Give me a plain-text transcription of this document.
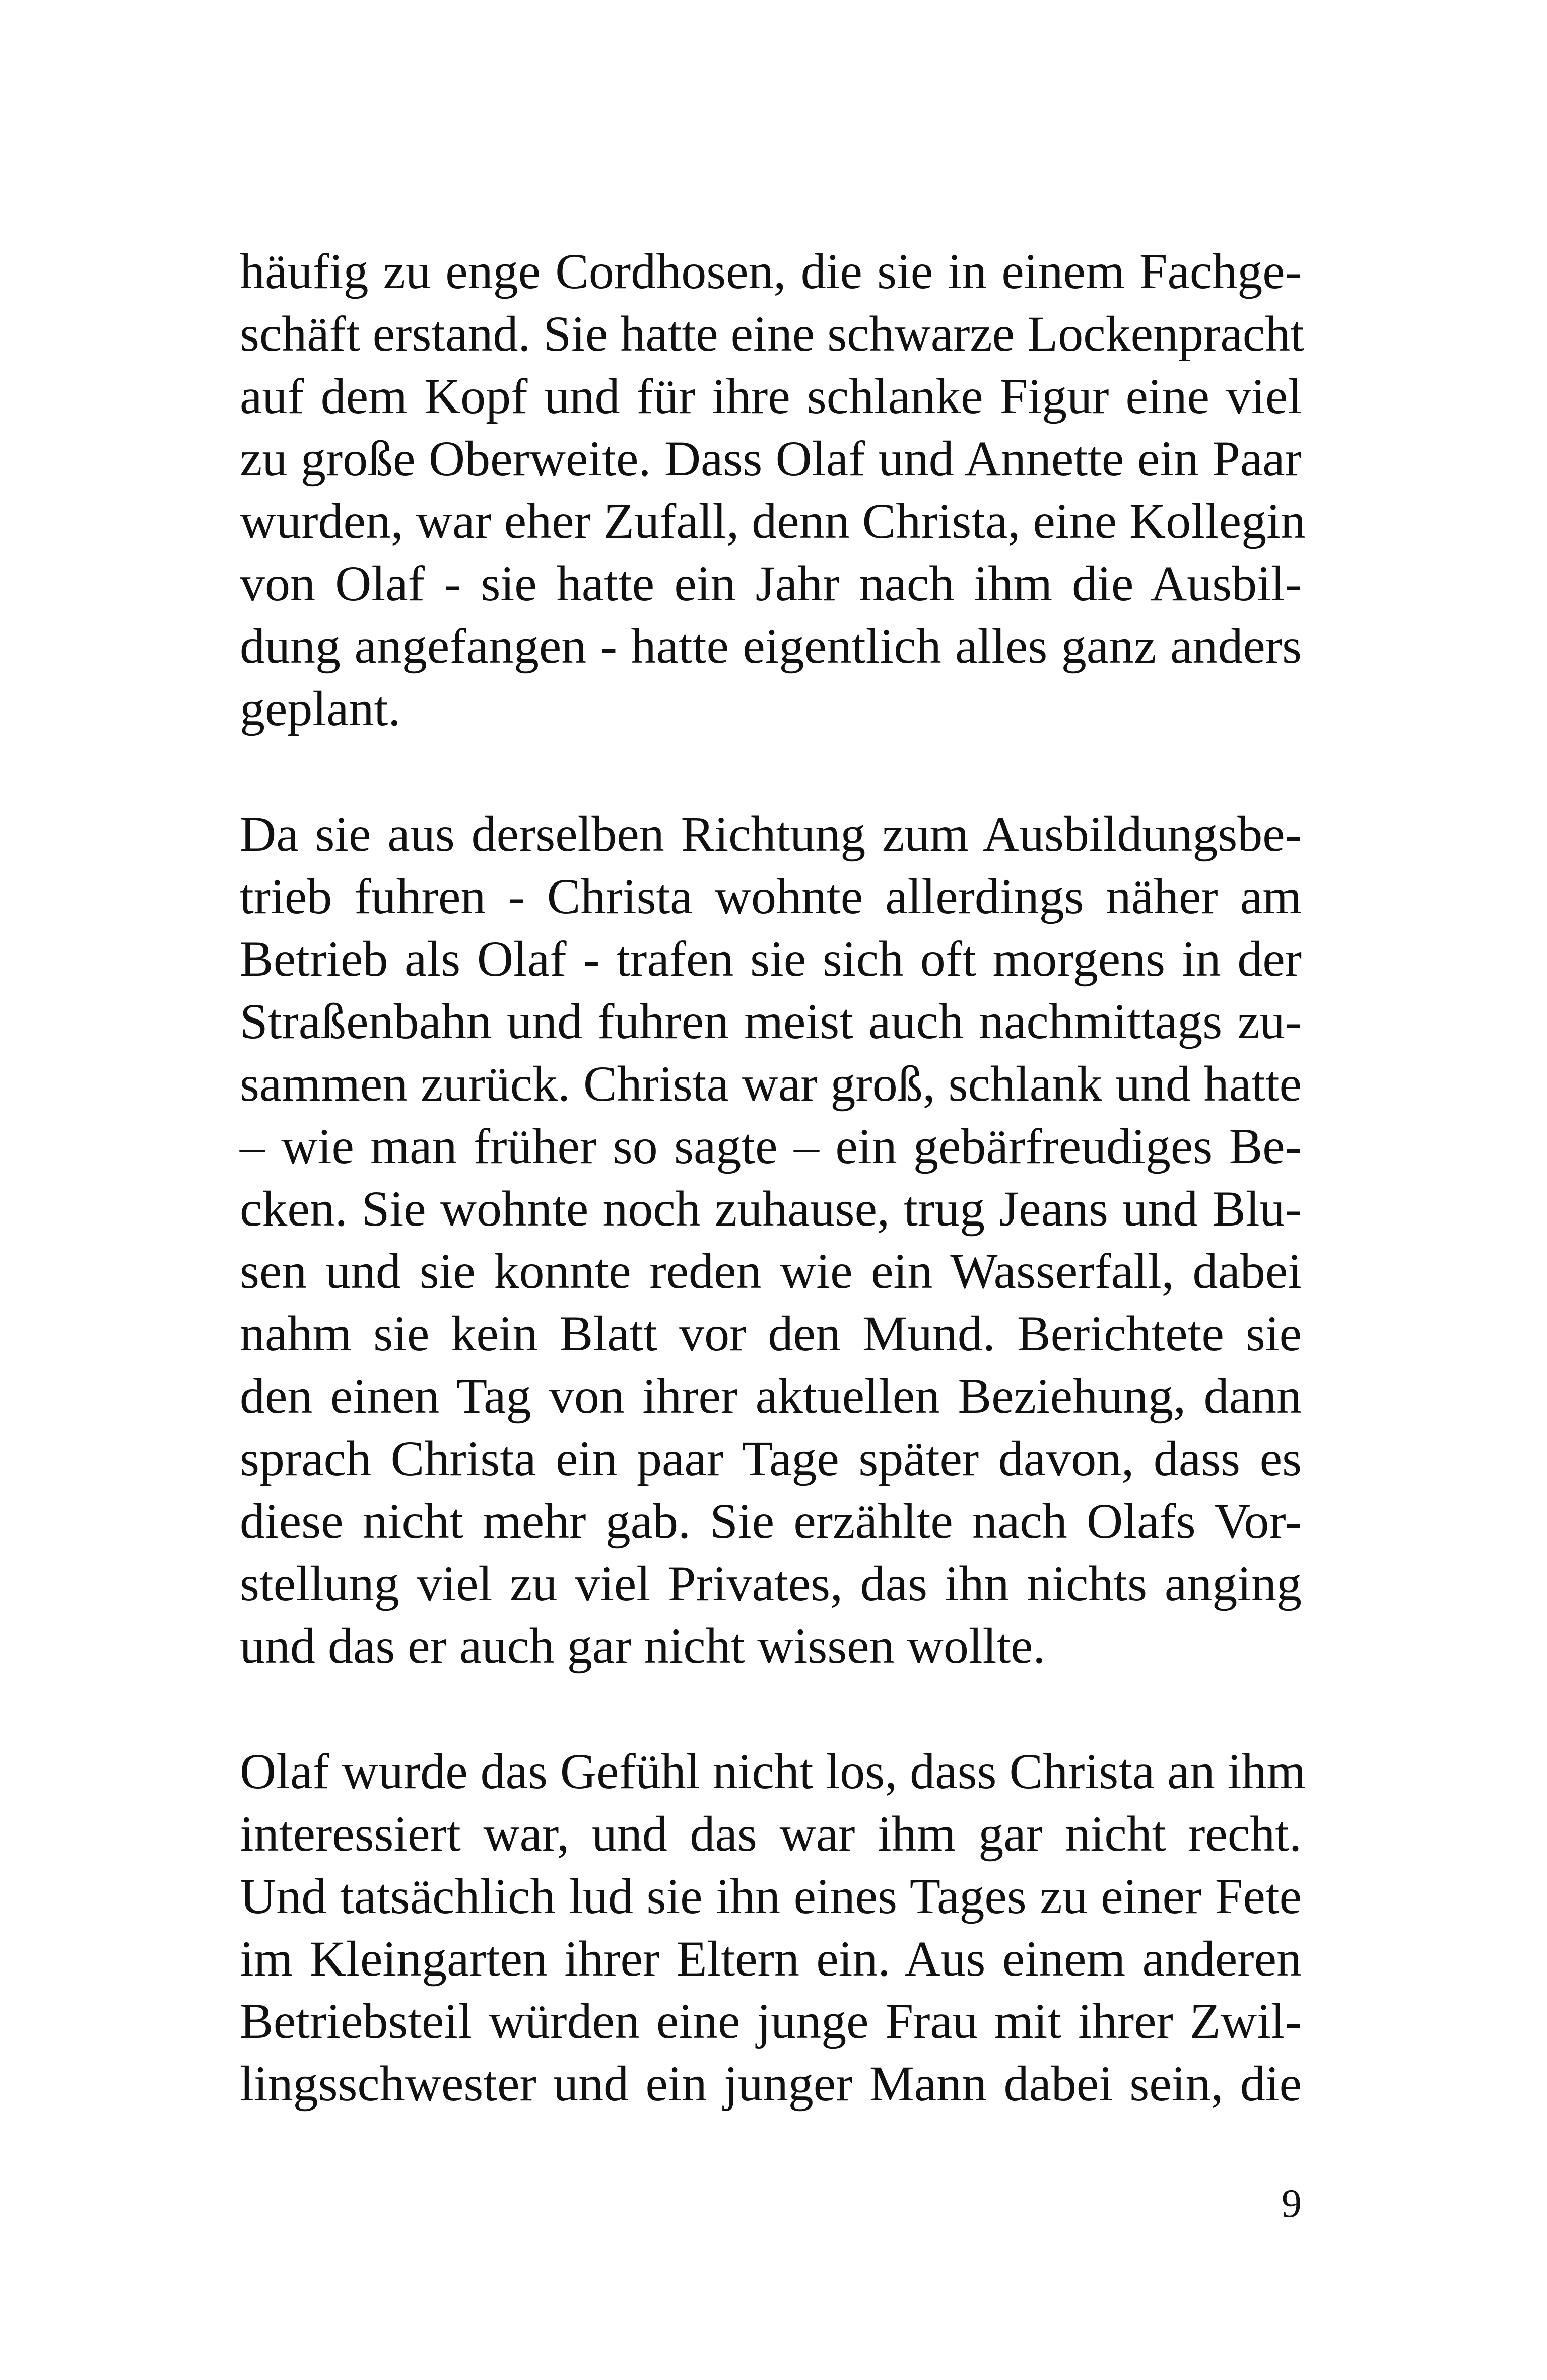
häufig zu enge Cordhosen, die sie in einem Fachge-
schäft erstand. Sie hatte eine schwarze Lockenpracht
auf dem Kopf und für ihre schlanke Figur eine viel
zu große Oberweite. Dass Olaf und Annette ein Paar
wurden, war eher Zufall, denn Christa, eine Kollegin
von Olaf - sie hatte ein Jahr nach ihm die Ausbil-
dung angefangen - hatte eigentlich alles ganz anders
geplant.

Da sie aus derselben Richtung zum Ausbildungsbe-
trieb fuhren - Christa wohnte allerdings näher am
Betrieb als Olaf - trafen sie sich oft morgens in der
Straßenbahn und fuhren meist auch nachmittags zu-
sammen zurück. Christa war groß, schlank und hatte
– wie man früher so sagte – ein gebärfreudiges Be-
cken. Sie wohnte noch zuhause, trug Jeans und Blu-
sen und sie konnte reden wie ein Wasserfall, dabei
nahm sie kein Blatt vor den Mund. Berichtete sie
den einen Tag von ihrer aktuellen Beziehung, dann
sprach Christa ein paar Tage später davon, dass es
diese nicht mehr gab. Sie erzählte nach Olafs Vor-
stellung viel zu viel Privates, das ihn nichts anging
und das er auch gar nicht wissen wollte.

Olaf wurde das Gefühl nicht los, dass Christa an ihm
interessiert war, und das war ihm gar nicht recht.
Und tatsächlich lud sie ihn eines Tages zu einer Fete
im Kleingarten ihrer Eltern ein. Aus einem anderen
Betriebsteil würden eine junge Frau mit ihrer Zwil-
lingsschwester und ein junger Mann dabei sein, die

9
